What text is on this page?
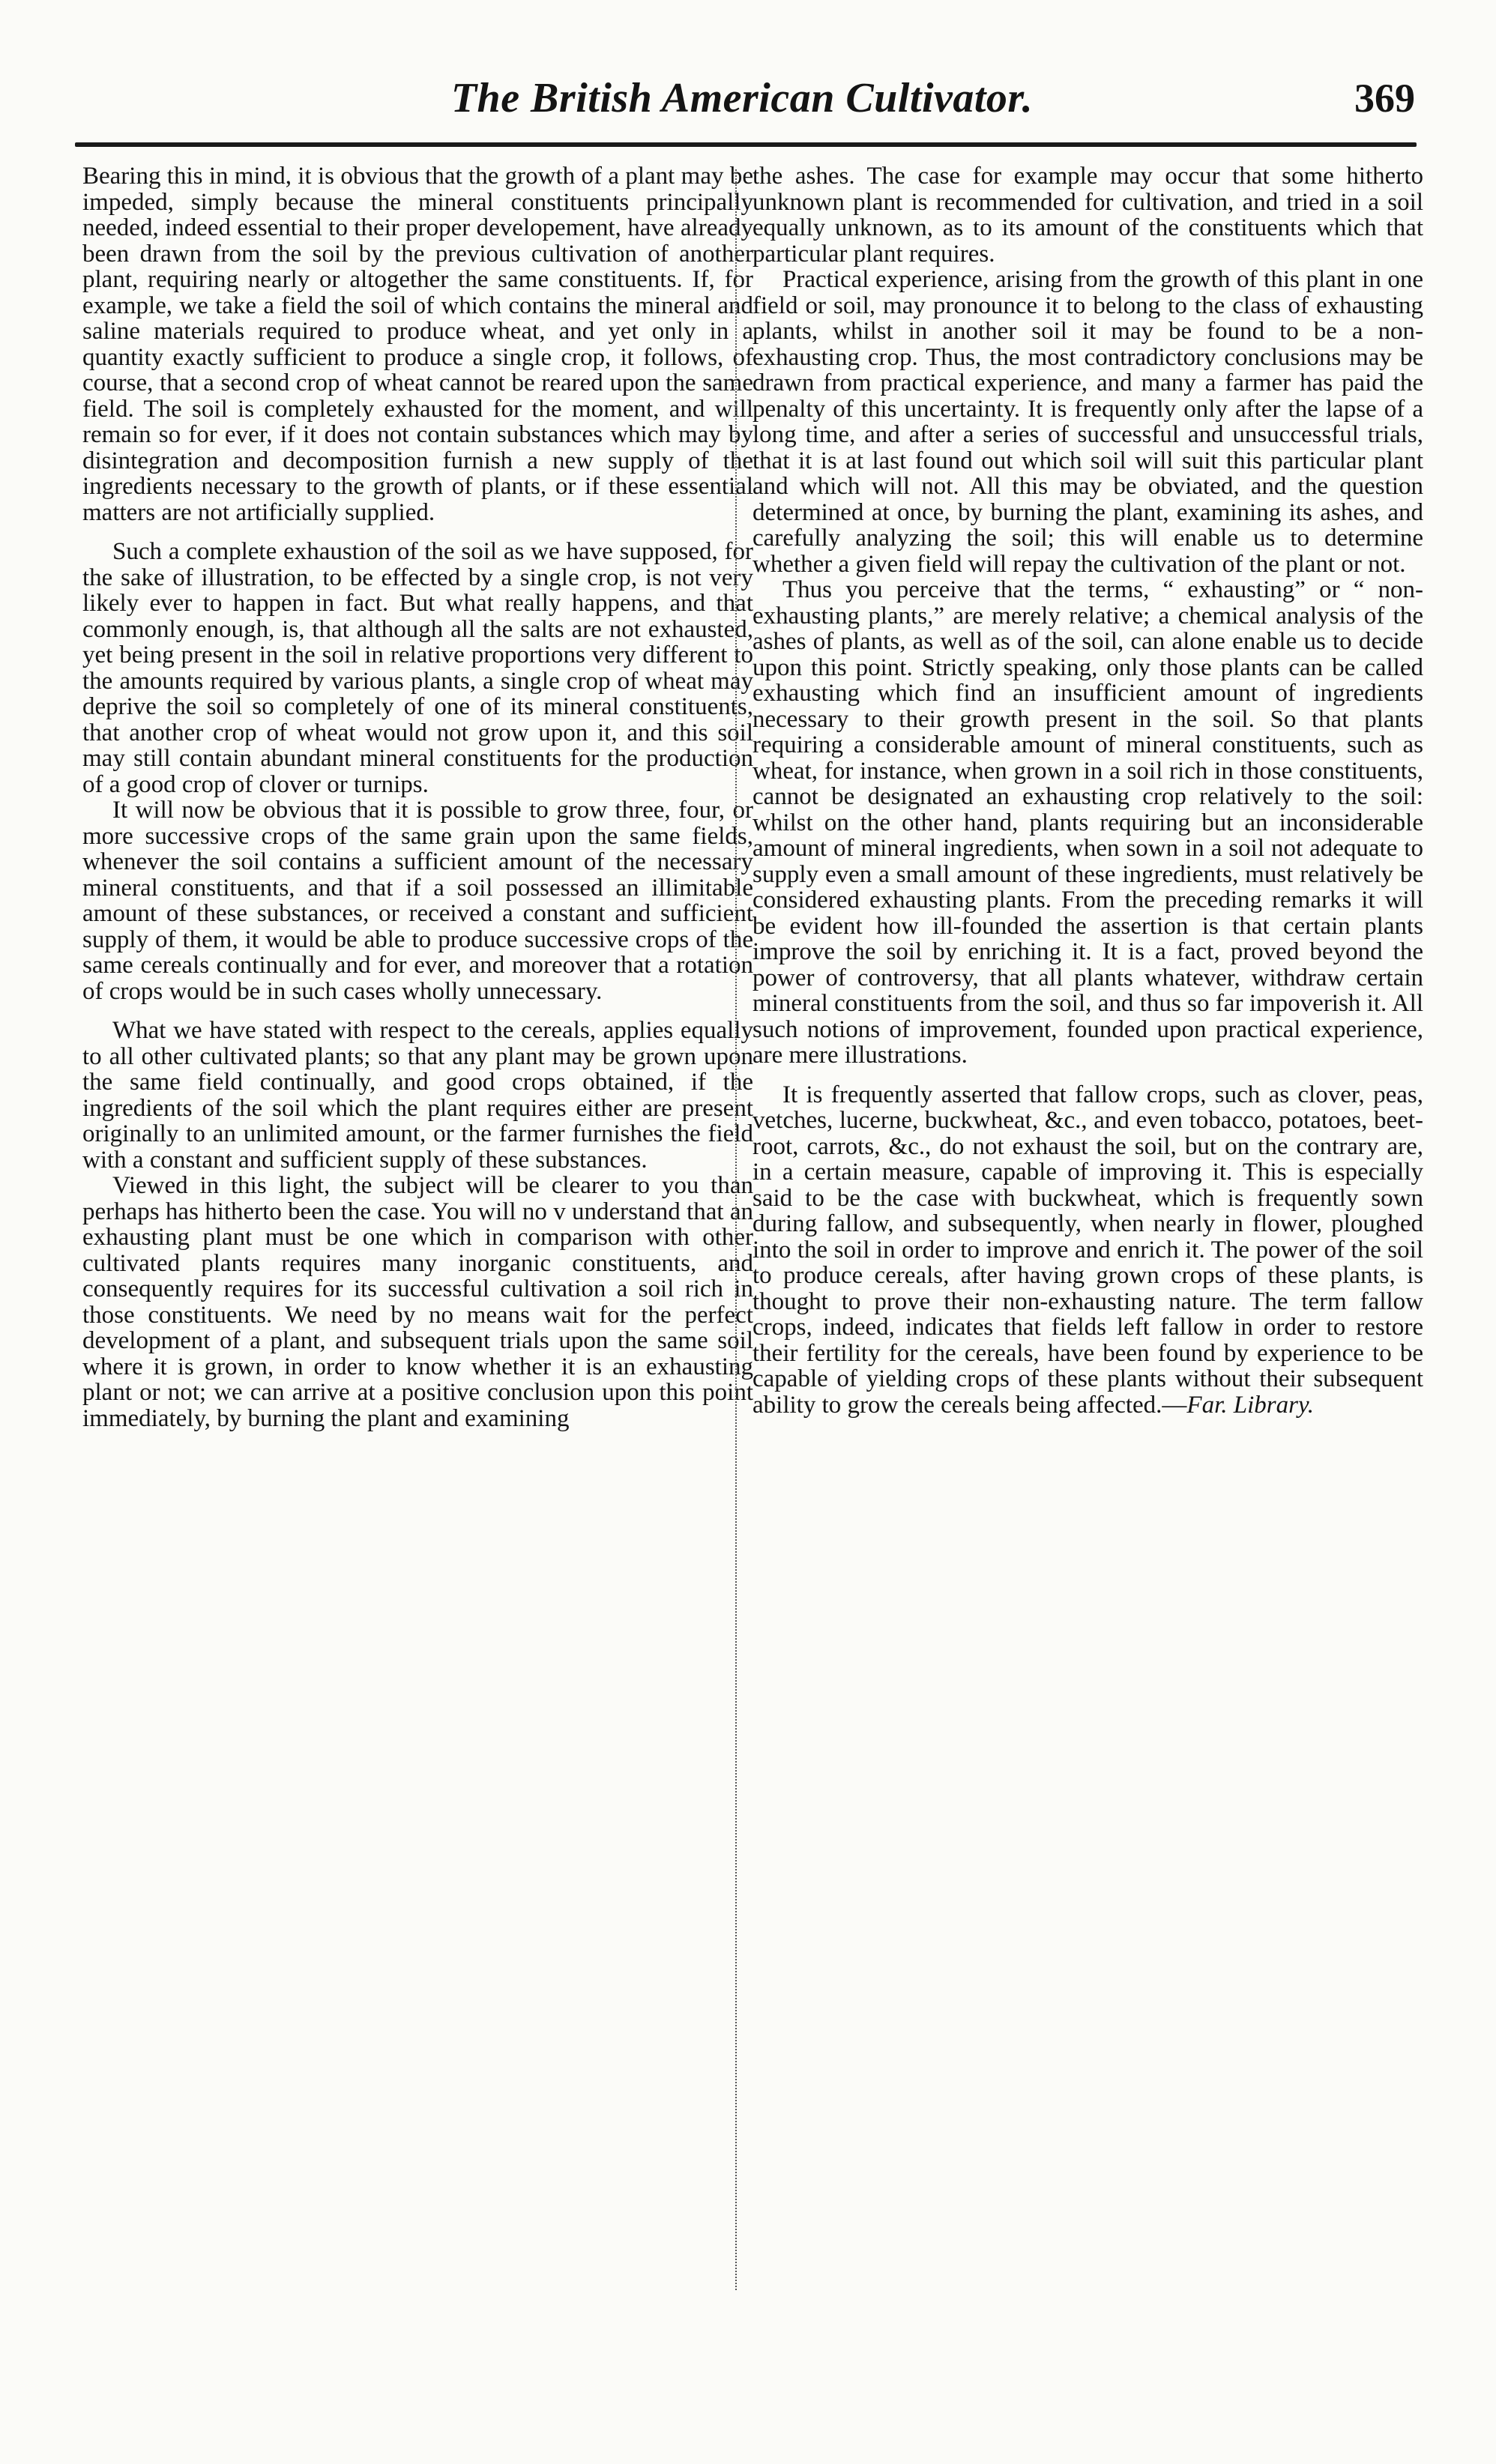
The British American Cultivator.	369

Bearing this in mind, it is obvious that the growth of a plant may be impeded, simply because the mineral constituents principally needed, indeed essential to their proper developement, have already been drawn from the soil by the previous cultivation of another plant, requiring nearly or altogether the same constituents. If, for example, we take a field the soil of which contains the mineral and saline materials required to produce wheat, and yet only in a quantity exactly sufficient to produce a single crop, it follows, of course, that a second crop of wheat cannot be reared upon the same field. The soil is completely exhausted for the moment, and will remain so for ever, if it does not contain substances which may by disintegration and decomposition furnish a new supply of the ingredients necessary to the growth of plants, or if these essential matters are not artificially supplied.

Such a complete exhaustion of the soil as we have supposed, for the sake of illustration, to be effected by a single crop, is not very likely ever to happen in fact. But what really happens, and that commonly enough, is, that although all the salts are not exhausted, yet being present in the soil in relative proportions very different to the amounts required by various plants, a single crop of wheat may deprive the soil so completely of one of its mineral constituents, that another crop of wheat would not grow upon it, and this soil may still contain abundant mineral constituents for the production of a good crop of clover or turnips.

It will now be obvious that it is possible to grow three, four, or more successive crops of the same grain upon the same fields, whenever the soil contains a sufficient amount of the necessary mineral constituents, and that if a soil possessed an illimitable amount of these substances, or received a constant and sufficient supply of them, it would be able to produce successive crops of the same cereals continually and for ever, and moreover that a rotation of crops would be in such cases wholly unnecessary.

What we have stated with respect to the cereals, applies equally to all other cultivated plants; so that any plant may be grown upon the same field continually, and good crops obtained, if the ingredients of the soil which the plant requires either are present originally to an unlimited amount, or the farmer furnishes the field with a constant and sufficient supply of these substances.

Viewed in this light, the subject will be clearer to you than perhaps has hitherto been the case. You will no v understand that an exhausting plant must be one which in comparison with other cultivated plants requires many inorganic constituents, and consequently requires for its successful cultivation a soil rich in those constituents. We need by no means wait for the perfect development of a plant, and subsequent trials upon the same soil where it is grown, in order to know whether it is an exhausting plant or not; we can arrive at a positive conclusion upon this point immediately, by burning the plant and examining

the ashes. The case for example may occur that some hitherto unknown plant is recommended for cultivation, and tried in a soil equally unknown, as to its amount of the constituents which that particular plant requires.

Practical experience, arising from the growth of this plant in one field or soil, may pronounce it to belong to the class of exhausting plants, whilst in another soil it may be found to be a non-exhausting crop. Thus, the most contradictory conclusions may be drawn from practical experience, and many a farmer has paid the penalty of this uncertainty. It is frequently only after the lapse of a long time, and after a series of successful and unsuccessful trials, that it is at last found out which soil will suit this particular plant and which will not. All this may be obviated, and the question determined at once, by burning the plant, examining its ashes, and carefully analyzing the soil; this will enable us to determine whether a given field will repay the cultivation of the plant or not.

Thus you perceive that the terms, “ exhausting” or “ non-exhausting plants,” are merely relative; a chemical analysis of the ashes of plants, as well as of the soil, can alone enable us to decide upon this point. Strictly speaking, only those plants can be called exhausting which find an insufficient amount of ingredients necessary to their growth present in the soil. So that plants requiring a considerable amount of mineral constituents, such as wheat, for instance, when grown in a soil rich in those constituents, cannot be designated an exhausting crop relatively to the soil: whilst on the other hand, plants requiring but an inconsiderable amount of mineral ingredients, when sown in a soil not adequate to supply even a small amount of these ingredients, must relatively be considered exhausting plants. From the preceding remarks it will be evident how ill-founded the assertion is that certain plants improve the soil by enriching it. It is a fact, proved beyond the power of controversy, that all plants whatever, withdraw certain mineral constituents from the soil, and thus so far impoverish it. All such notions of improvement, founded upon practical experience, are mere illustrations.

It is frequently asserted that fallow crops, such as clover, peas, vetches, lucerne, buckwheat, &c., and even tobacco, potatoes, beet-root, carrots, &c., do not exhaust the soil, but on the contrary are, in a certain measure, capable of improving it. This is especially said to be the case with buckwheat, which is frequently sown during fallow, and subsequently, when nearly in flower, ploughed into the soil in order to improve and enrich it. The power of the soil to produce cereals, after having grown crops of these plants, is thought to prove their non-exhausting nature. The term fallow crops, indeed, indicates that fields left fallow in order to restore their fertility for the cereals, have been found by experience to be capable of yielding crops of these plants without their subsequent ability to grow the cereals being affected.—Far. Library.
